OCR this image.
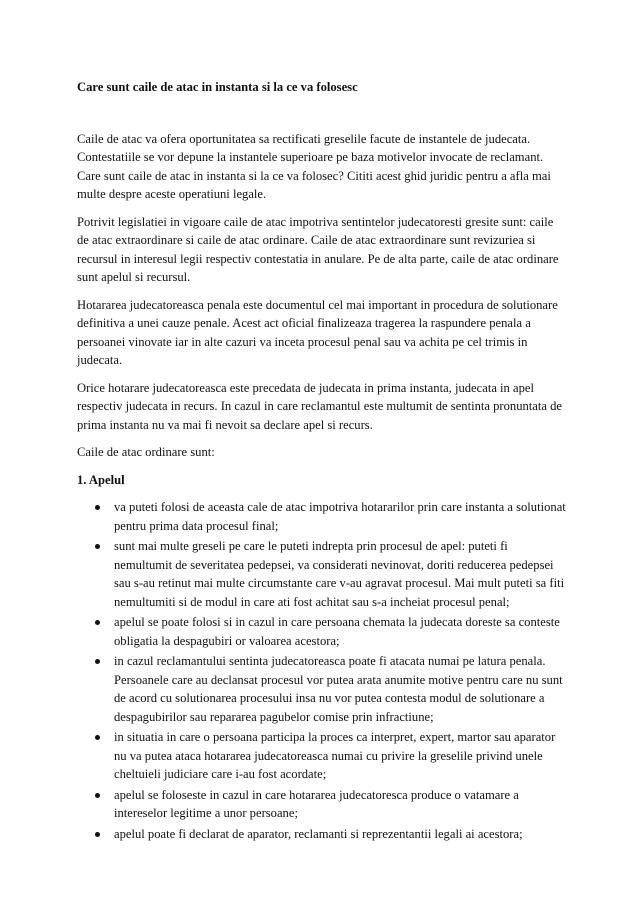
Care sunt caile de atac in instanta si la ce va folosesc

Caile de atac va ofera oportunitatea sa rectificati greselile facute de instantele de judecata. Contestatiile se vor depune la instantele superioare pe baza motivelor invocate de reclamant. Care sunt caile de atac in instanta si la ce va folosec? Cititi acest ghid juridic pentru a afla mai multe despre aceste operatiuni legale.

Potrivit legislatiei in vigoare caile de atac impotriva sentintelor judecatoresti gresite sunt: caile de atac extraordinare si caile de atac ordinare. Caile de atac extraordinare sunt revizuriea si recursul in interesul legii respectiv contestatia in anulare. Pe de alta parte, caile de atac ordinare sunt apelul si recursul.

Hotararea judecatoreasca penala este documentul cel mai important in procedura de solutionare definitiva a unei cauze penale. Acest act oficial finalizeaza tragerea la raspundere penala a persoanei vinovate iar in alte cazuri va inceta procesul penal sau va achita pe cel trimis in judecata.

Orice hotarare judecatoreasca este precedata de judecata in prima instanta, judecata in apel respectiv judecata in recurs. In cazul in care reclamantul este multumit de sentinta pronuntata de prima instanta nu va mai fi nevoit sa declare apel si recurs.

Caile de atac ordinare sunt:

1. Apelul
va puteti folosi de aceasta cale de atac impotriva hotararilor prin care instanta a solutionat pentru prima data procesul final;
sunt mai multe greseli pe care le puteti indrepta prin procesul de apel: puteti fi nemultumit de severitatea pedepsei, va considerati nevinovat, doriti reducerea pedepsei sau s-au retinut mai multe circumstante care v-au agravat procesul. Mai mult puteti sa fiti nemultumiti si de modul in care ati fost achitat sau s-a incheiat procesul penal;
apelul se poate folosi si in cazul in care persoana chemata la judecata doreste sa conteste obligatia la despagubiri or valoarea acestora;
in cazul reclamantului sentinta judecatoreasca poate fi atacata numai pe latura penala. Persoanele care au declansat procesul vor putea arata anumite motive pentru care nu sunt de acord cu solutionarea procesului insa nu vor putea contesta modul de solutionare a despagubirilor sau repararea pagubelor comise prin infractiune;
in situatia in care o persoana participa la proces ca interpret, expert, martor sau aparator nu va putea ataca hotararea judecatoreasca numai cu privire la greselile privind unele cheltuieli judiciare care i-au fost acordate;
apelul se foloseste in cazul in care hotararea judecatorescа produce o vatamare a intereselor legitime a unor persoane;
apelul poate fi declarat de aparator, reclamanti si reprezentantii legali ai acestora;
